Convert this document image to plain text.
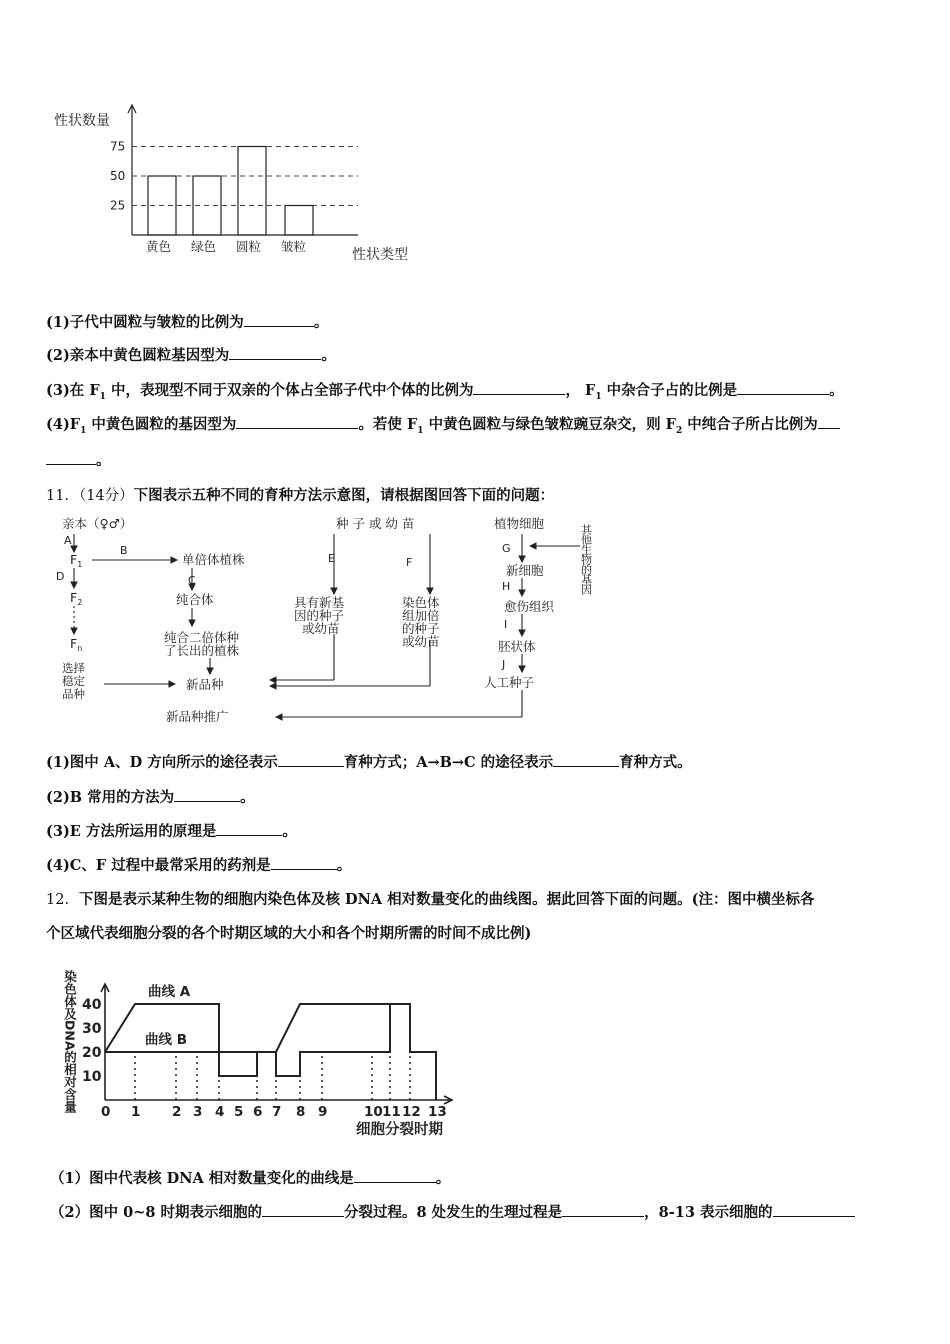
性状数量
性状类型
75
50
25
黄色 绿色 圆粒 皱粒
(1)子代中圆粒与皱粒的比例为	。
(2)亲本中黄色圆粒基因型为	。
(3)在 $F_1$ 中，表现型不同于双亲的个体占全部子代中个体的比例为	， $F_1$ 中杂合子占的比例是	。
$(4)F_1$ 中黄色圆粒的基因型为	。若使 $F_1$ 中黄色圆粒与绿色皱粒豌豆杂交，则 $F_2$ 中纯合子所占比例为
。
11．（14分）下图表示五种不同的育种方法示意图，请根据图回答下面的问题：
亲本（♀♂）
A
$F_1$
B
D
$F_2$
$F_n$
选择
稳定
品种
单倍体植株
C
纯合体
纯合二倍体种
了长出的植株
新品种
新品种推广
种 子 或 幼 苗
E	F
具有新基
因的种子
或幼苗
染色体
组加倍
的种子
或幼苗
植物细胞
G	其他生物的基因
新细胞
H
愈伤组织
I
胚状体
J
人工种子
(1)图中 A、D 方向所示的途径表示	育种方式；A→B→C 的途径表示	育种方式。
(2)B 常用的方法为	。
(3)E 方法所运用的原理是	。
(4)C、F 过程中最常采用的药剂是	。
12．下图是表示某种生物的细胞内染色体及核 DNA 相对数量变化的曲线图。据此回答下面的问题。(注：图中横坐标各
个区域代表细胞分裂的各个时期区域的大小和各个时期所需的时间不成比例)
染色体及DNA的相对含量
细胞分裂时期
10
20
30
40
0 1 2 3 4 5 6 7 8 9	10 11 12 13
曲线 A
曲线 B
（1）图中代表核 DNA 相对数量变化的曲线是	。
（2）图中 0~8 时期表示细胞的	分裂过程。8 处发生的生理过程是	，8-13 表示细胞的
